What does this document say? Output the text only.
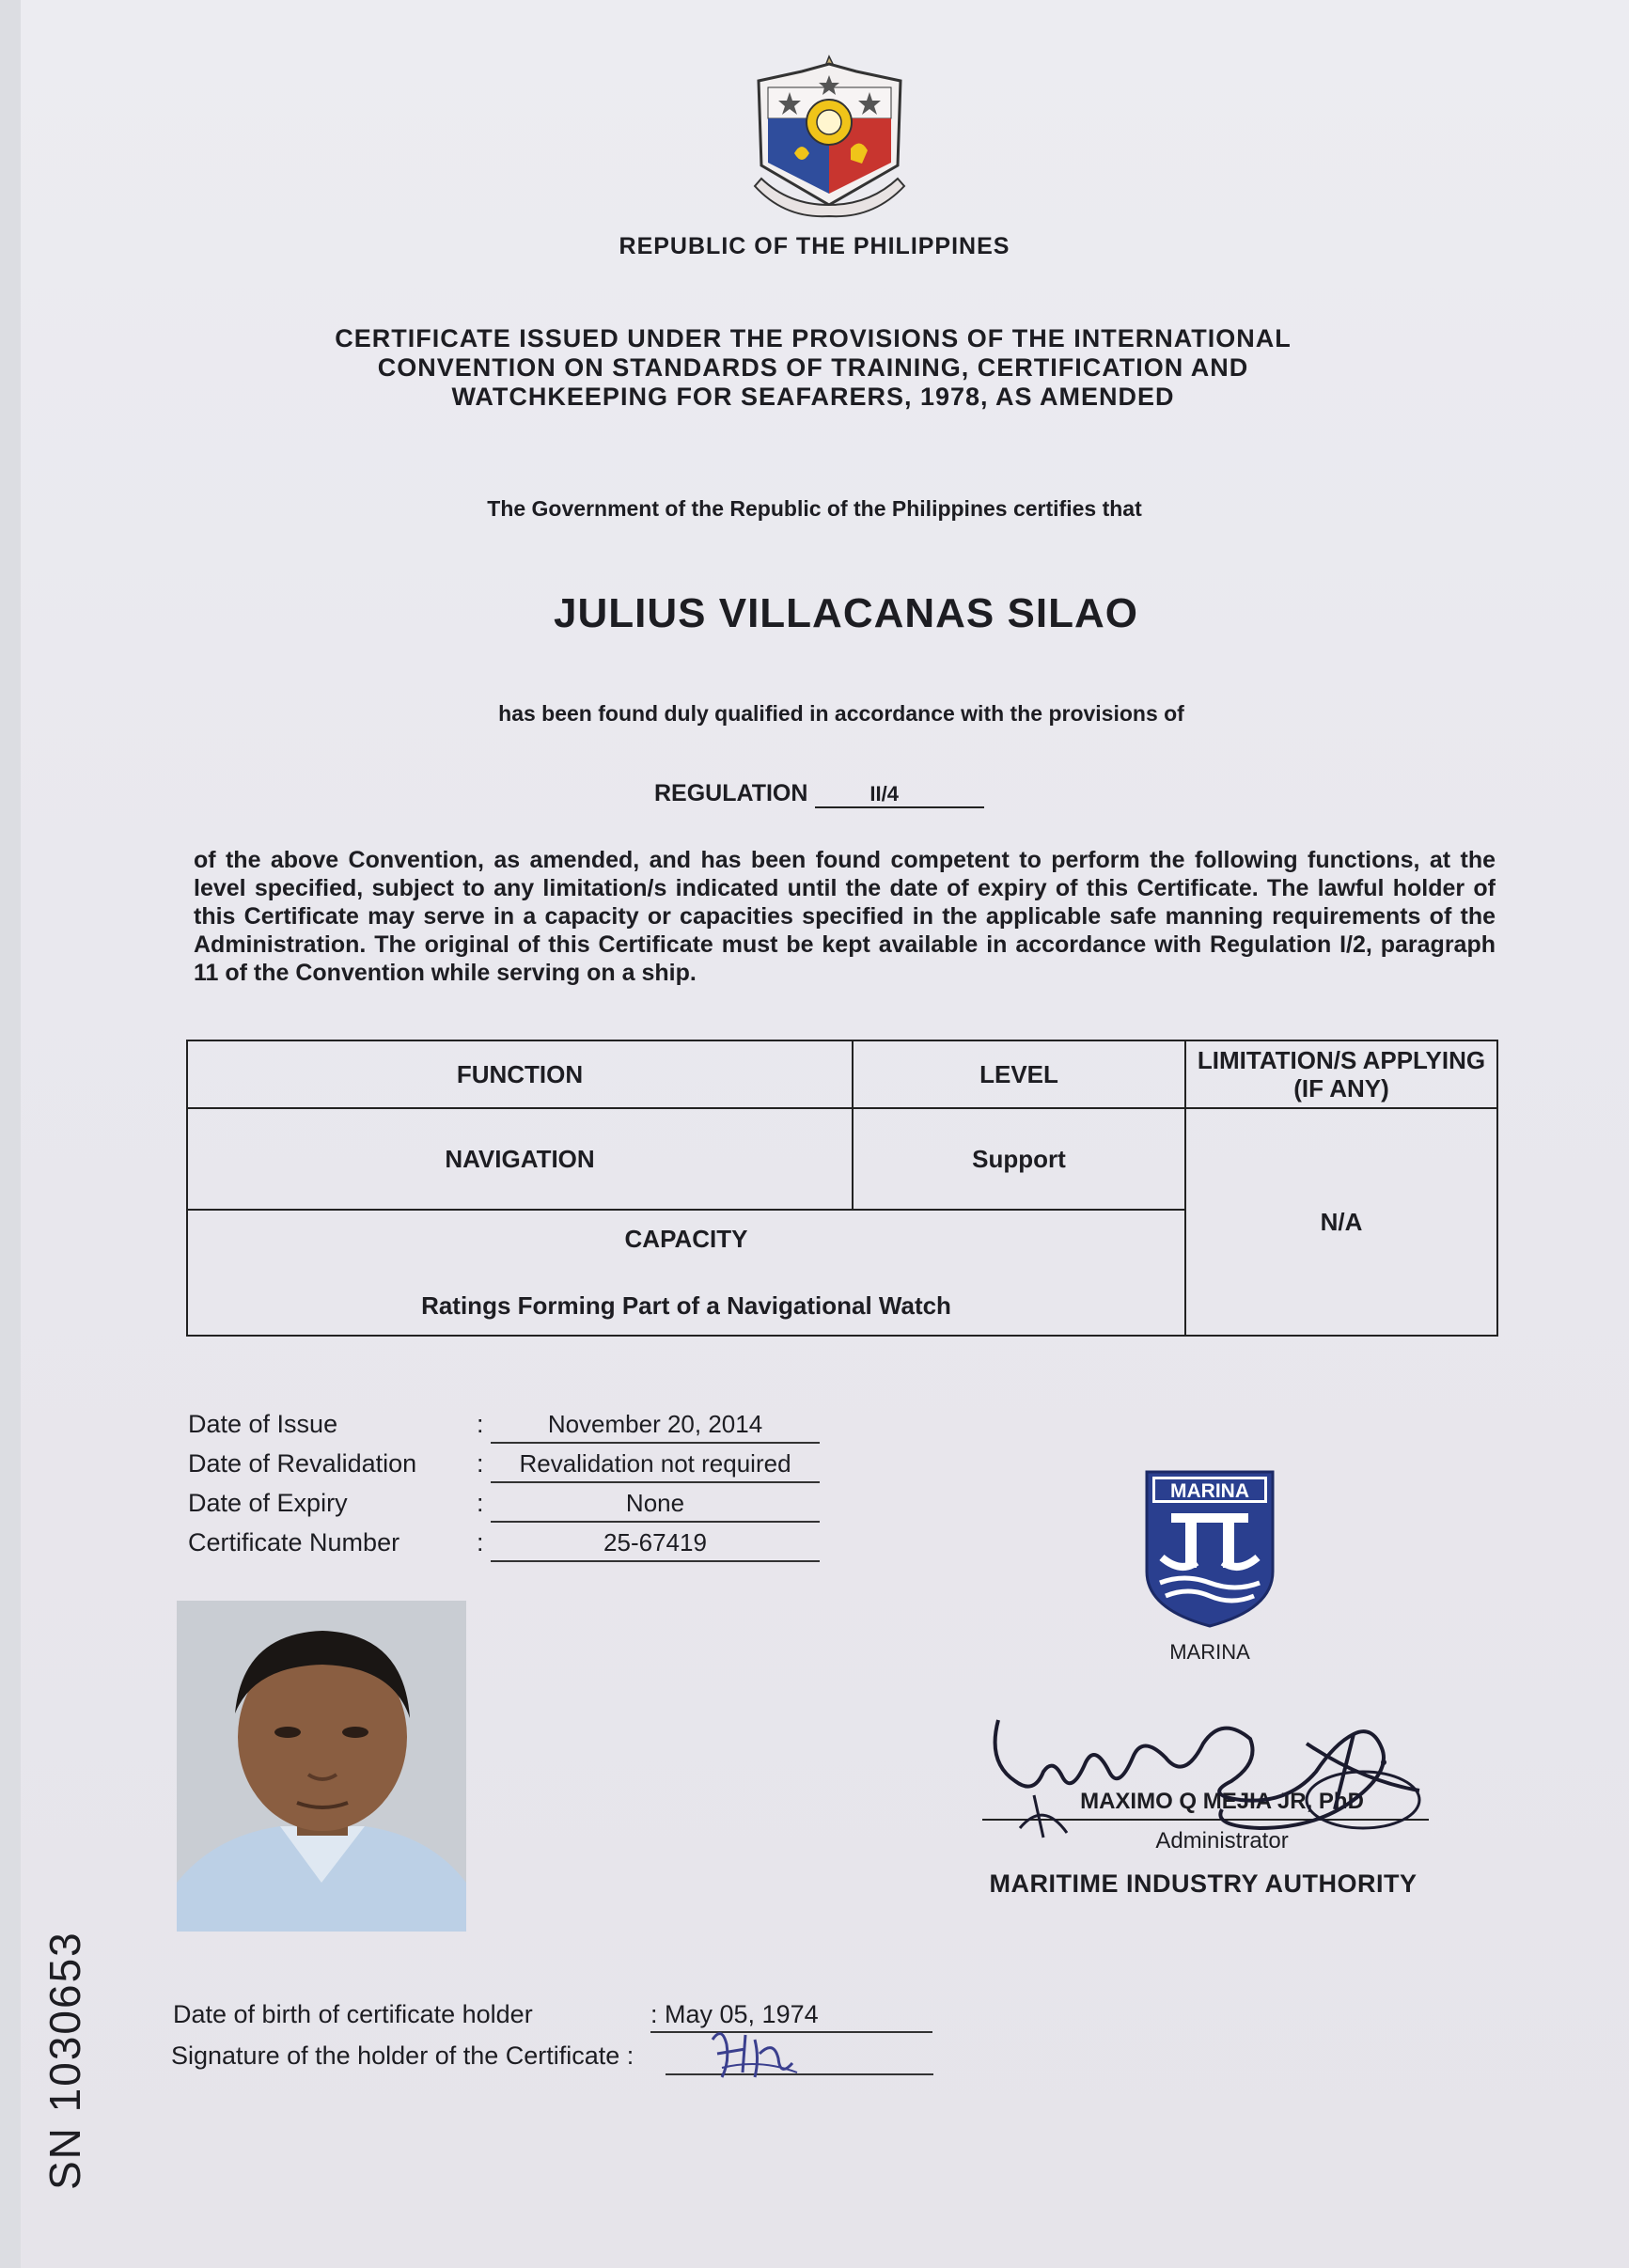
REPUBLIC OF THE PHILIPPINES
CERTIFICATE ISSUED UNDER THE PROVISIONS OF THE INTERNATIONAL
CONVENTION ON STANDARDS OF TRAINING, CERTIFICATION AND
WATCHKEEPING FOR SEAFARERS, 1978, AS AMENDED
The Government of the Republic of the Philippines certifies that
JULIUS VILLACANAS SILAO
has been found duly qualified in accordance with the provisions of
REGULATION	II/4
of the above Convention, as amended, and has been found competent to perform the following functions, at the level specified, subject to any limitation/s indicated until the date of expiry of this Certificate. The lawful holder of this Certificate may serve in a capacity or capacities specified in the applicable safe manning requirements of the Administration. The original of this Certificate must be kept available in accordance with Regulation I/2, paragraph 11 of the Convention while serving on a ship.
FUNCTION	LEVEL	LIMITATION/S APPLYING (IF ANY)
NAVIGATION	Support	N/A

CAPACITY
Ratings Forming Part of a Navigational Watch		
Date of Issue	:	November 20, 2014
Date of Revalidation :	Revalidation not required
Date of Expiry	:	None
Certificate Number	:	25-67419
MARINA
MARINA
MAXIMO Q MEJIA JR, PhD
Administrator
MARITIME INDUSTRY AUTHORITY
Date of birth of certificate holder	: May 05, 1974
Signature of the holder of the Certificate :
SN 1030653
